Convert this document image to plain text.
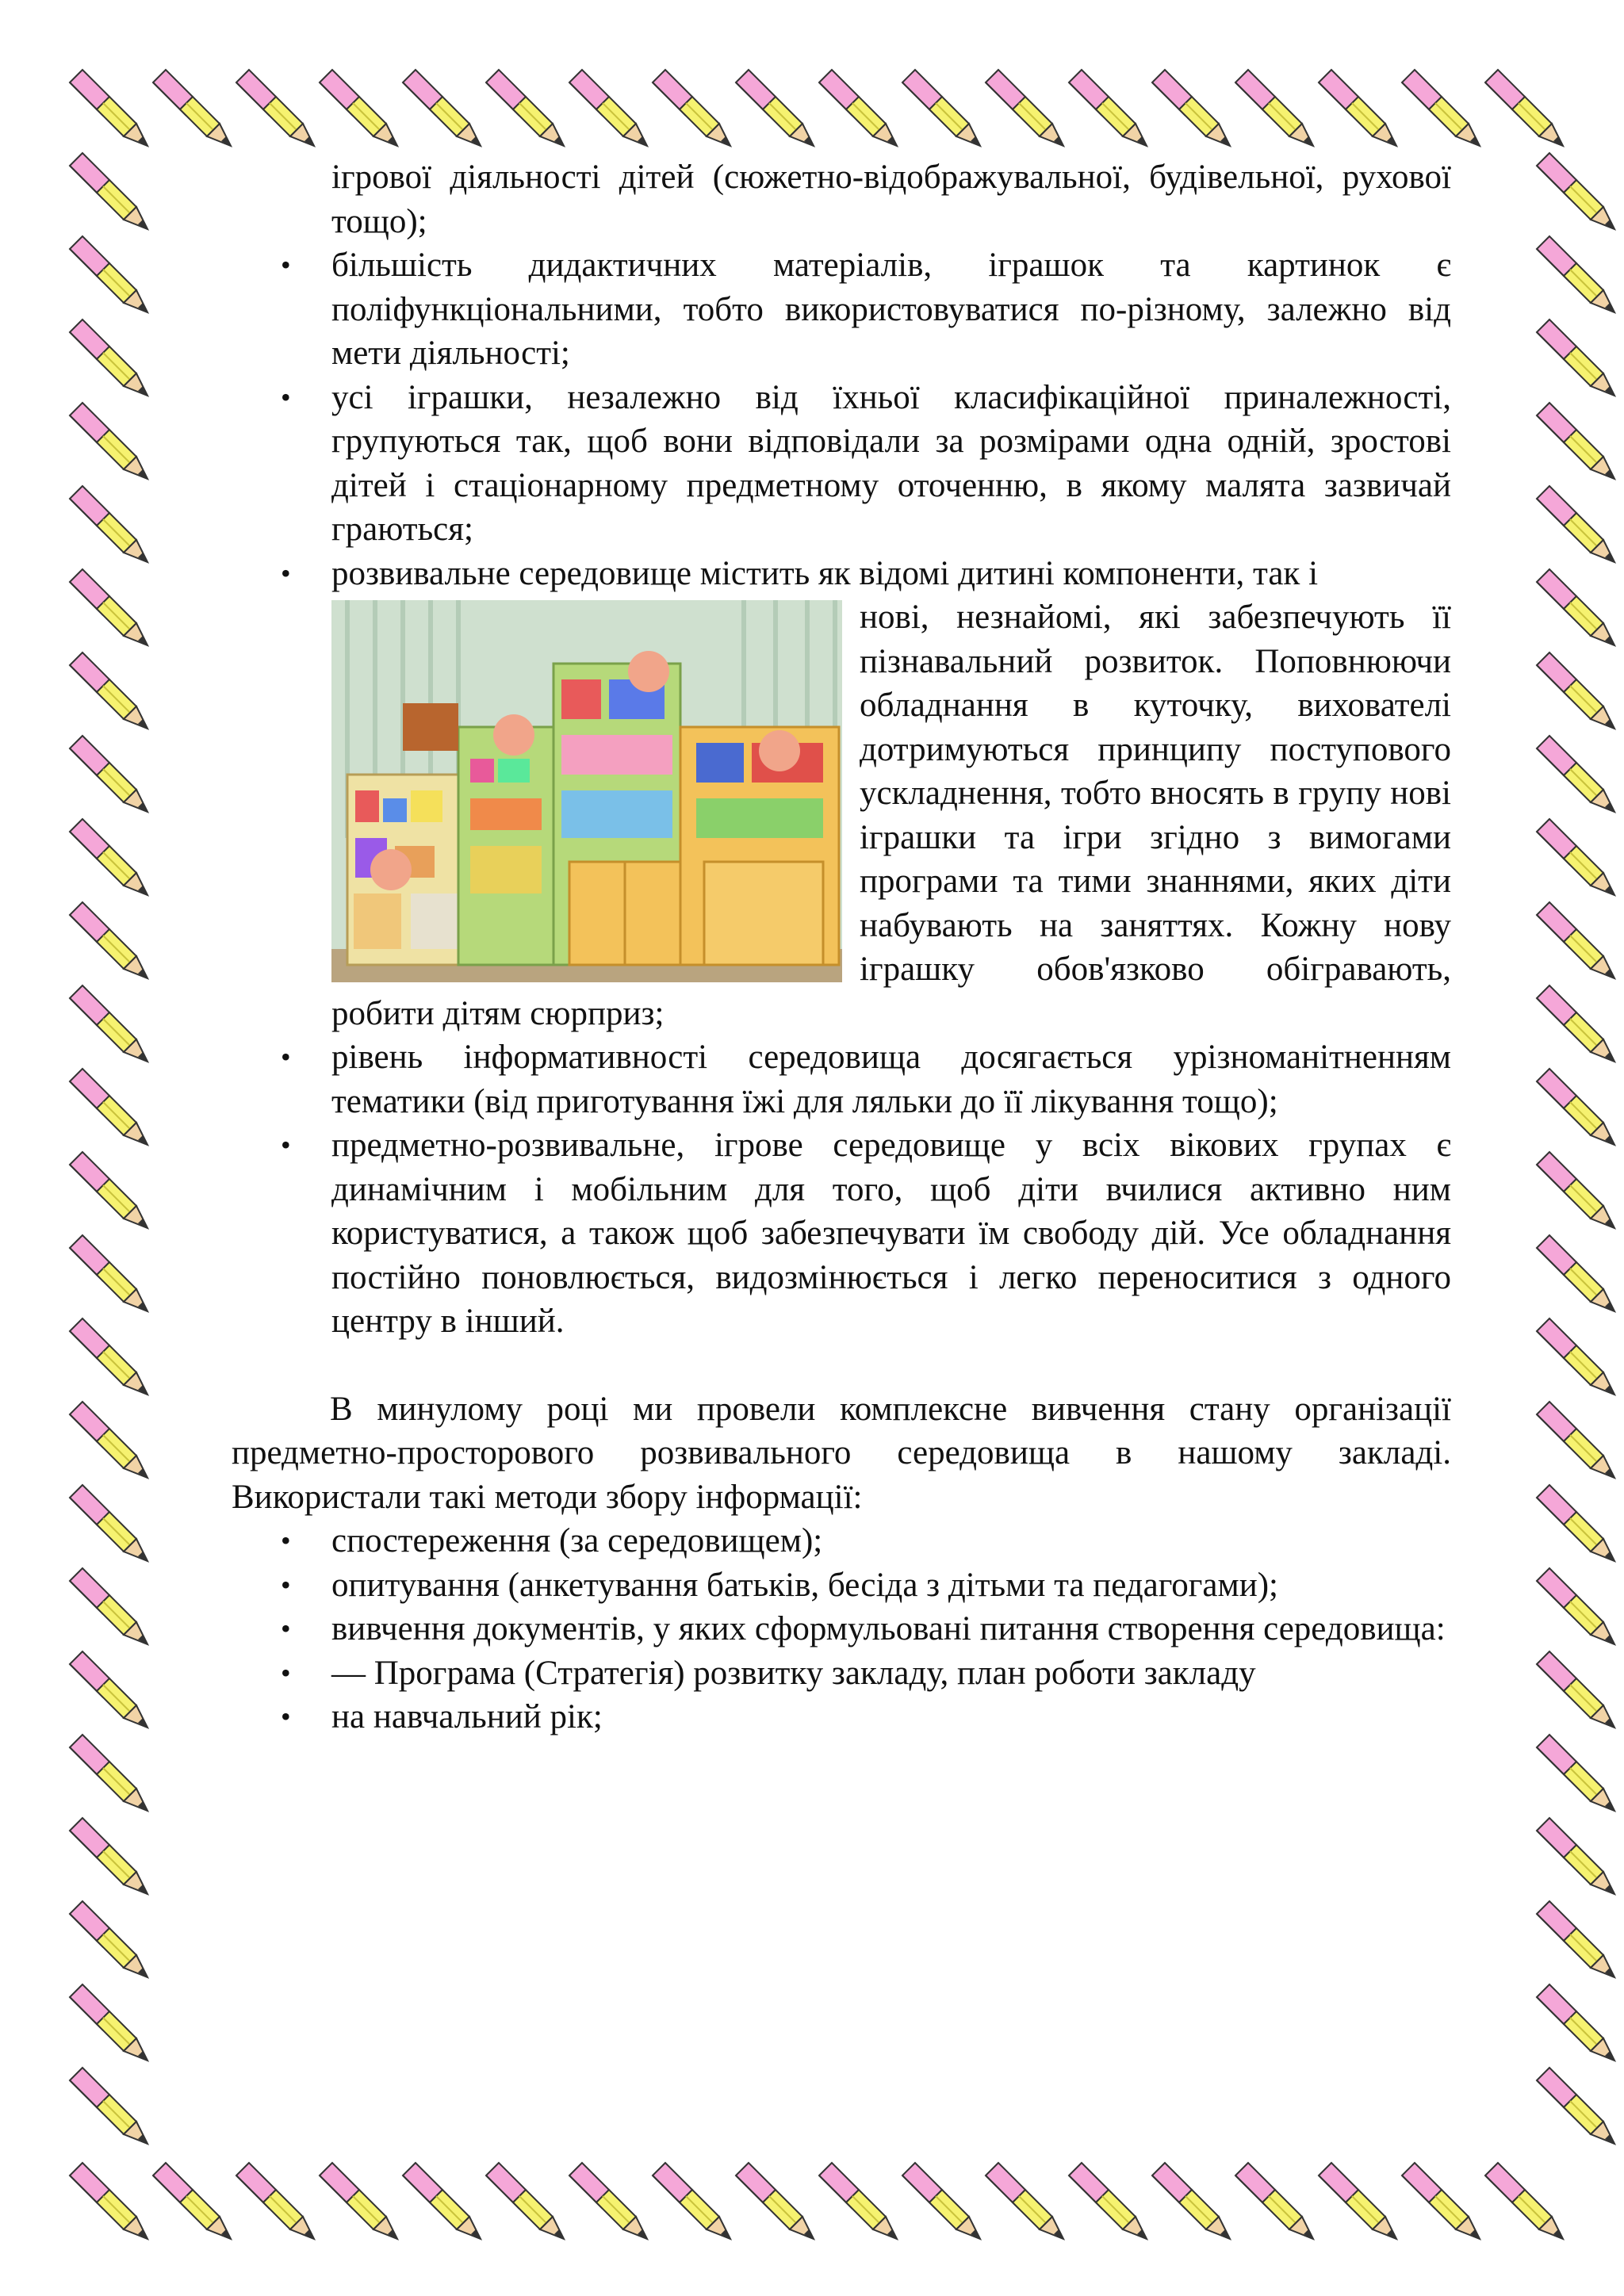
ігрової діяльності дітей (сюжетно-відображувальної, будівельної, рухової тощо);
• більшість дидактичних матеріалів, іграшок та картинок є поліфункціональними, тобто використовуватися по-різному, залежно від мети діяльності;
• усі іграшки, незалежно від їхньої класифікаційної приналежності, групуються так, щоб вони відповідали за розмірами одна одній, зростові дітей і стаціонарному предметному оточенню, в якому малята зазвичай граються;
• розвивальне середовище містить як відомі дитині компоненти, так і
нові, незнайомі, які забезпечують її пізнавальний розвиток. Поповнюючи обладнання в куточку, вихователі дотримуються принципу поступового ускладнення, тобто вносять в групу нові іграшки та ігри згідно з вимогами програми та тими знаннями, яких діти набувають на заняттях. Кожну нову іграшку обов'язково обігравають, робити дітям сюрприз;
• рівень інформативності середовища досягається урізноманітненням тематики (від приготування їжі для ляльки до її лікування тощо);
• предметно-розвивальне, ігрове середовище у всіх вікових групах є динамічним і мобільним для того, щоб діти вчилися активно ним користуватися, а також щоб забезпечувати їм свободу дій. Усе обладнання постійно поновлюється, видозмінюється і легко переноситися з одного центру в інший.

В минулому році ми провели комплексне вивчення стану організації предметно-просторового розвивального середовища в нашому закладі. Використали такі методи збору інформації:

• спостереження (за середовищем);
• опитування (анкетування батьків, бесіда з дітьми та педагогами);
• вивчення документів, у яких сформульовані питання створення середовища:
• — Програма (Стратегія) розвитку закладу, план роботи закладу
• на навчальний рік;
